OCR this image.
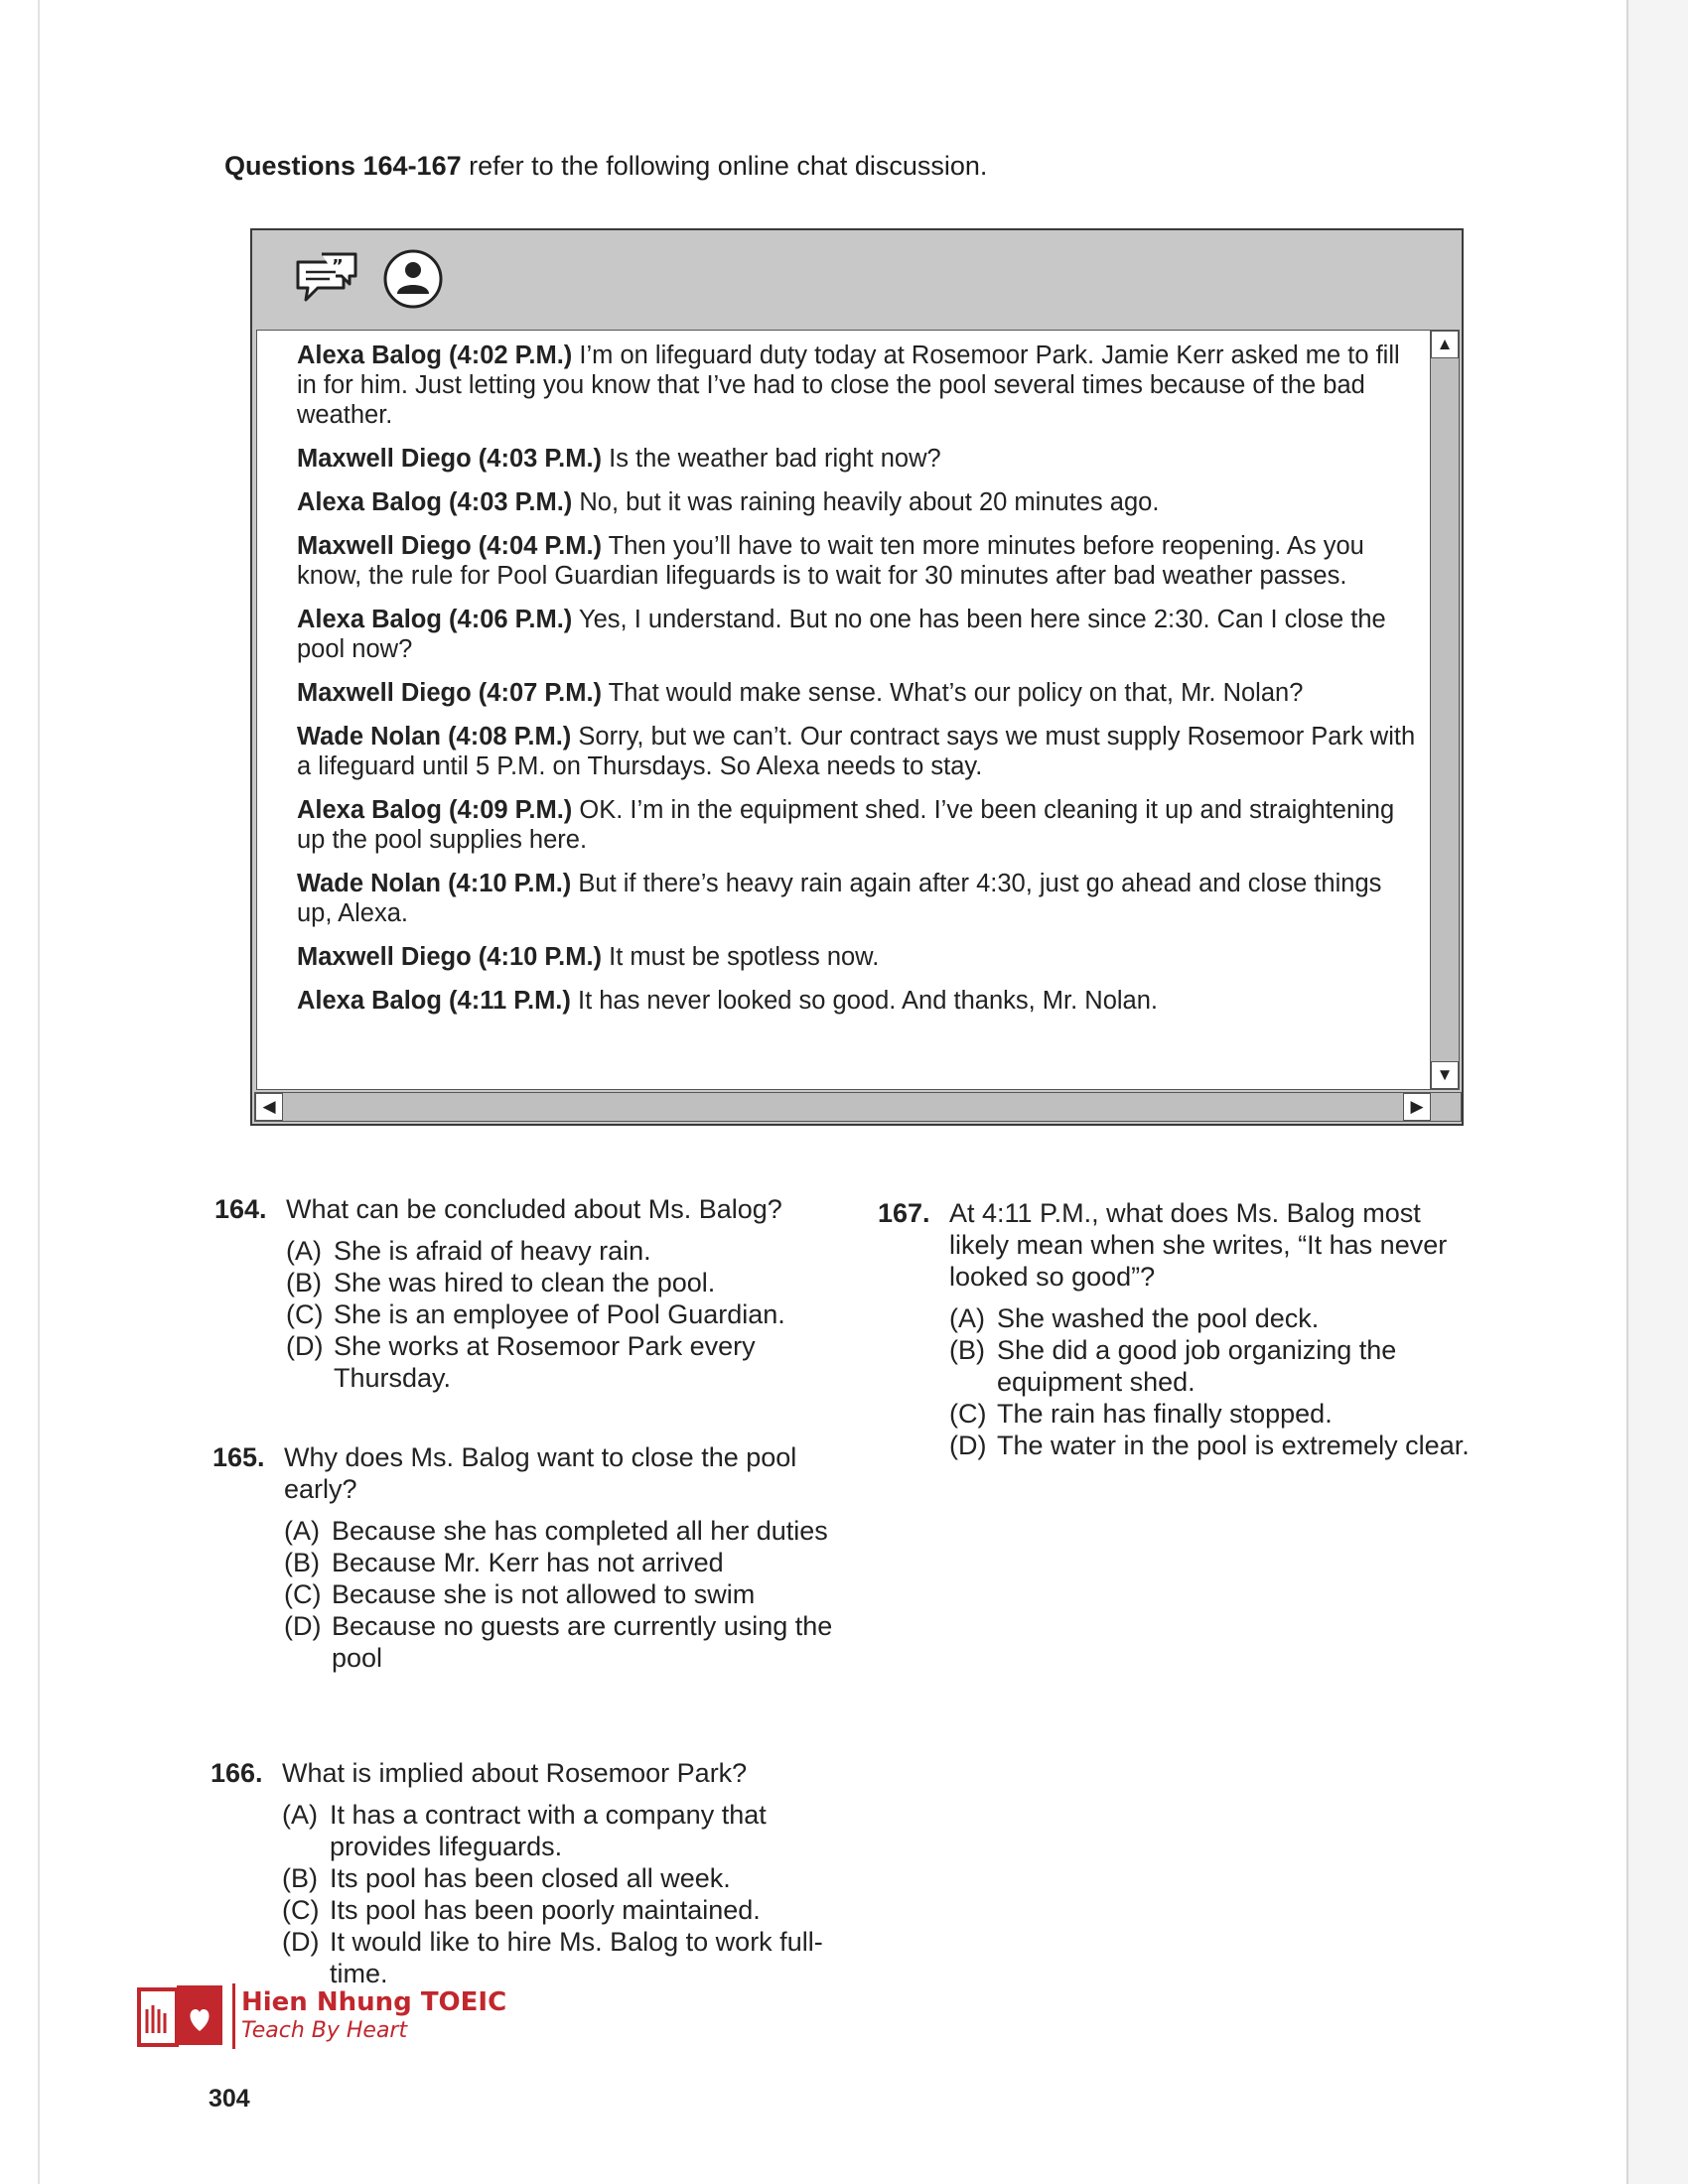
Questions 164-167 refer to the following online chat discussion.
”
Alexa Balog (4:02 P.M.) I’m on lifeguard duty today at Rosemoor Park. Jamie Kerr asked me to fill in for him. Just letting you know that I’ve had to close the pool several times because of the bad weather.
Maxwell Diego (4:03 P.M.) Is the weather bad right now?
Alexa Balog (4:03 P.M.) No, but it was raining heavily about 20 minutes ago.
Maxwell Diego (4:04 P.M.) Then you’ll have to wait ten more minutes before reopening. As you know, the rule for Pool Guardian lifeguards is to wait for 30 minutes after bad weather passes.
Alexa Balog (4:06 P.M.) Yes, I understand. But no one has been here since 2:30. Can I close the pool now?
Maxwell Diego (4:07 P.M.) That would make sense. What’s our policy on that, Mr. Nolan?
Wade Nolan (4:08 P.M.) Sorry, but we can’t. Our contract says we must supply Rosemoor Park with a lifeguard until 5 P.M. on Thursdays. So Alexa needs to stay.
Alexa Balog (4:09 P.M.) OK. I’m in the equipment shed. I’ve been cleaning it up and straightening up the pool supplies here.
Wade Nolan (4:10 P.M.) But if there’s heavy rain again after 4:30, just go ahead and close things up, Alexa.
Maxwell Diego (4:10 P.M.) It must be spotless now.
Alexa Balog (4:11 P.M.) It has never looked so good. And thanks, Mr. Nolan.
▲
▼
◀	▶
164. What can be concluded about Ms. Balog?
(A) She is afraid of heavy rain.
(B) She was hired to clean the pool.
(C) She is an employee of Pool Guardian.
(D) She works at Rosemoor Park every Thursday.
165. Why does Ms. Balog want to close the pool early?
(A) Because she has completed all her duties
(B) Because Mr. Kerr has not arrived
(C) Because she is not allowed to swim
(D) Because no guests are currently using the pool
166. What is implied about Rosemoor Park?
(A) It has a contract with a company that provides lifeguards.
(B) Its pool has been closed all week.
(C) Its pool has been poorly maintained.
(D) It would like to hire Ms. Balog to work full-time.
167. At 4:11 P.M., what does Ms. Balog most likely mean when she writes, “It has never looked so good”?
(A) She washed the pool deck.
(B) She did a good job organizing the equipment shed.
(C) The rain has finally stopped.
(D) The water in the pool is extremely clear.
Hien Nhung TOEIC
Teach By Heart
304
